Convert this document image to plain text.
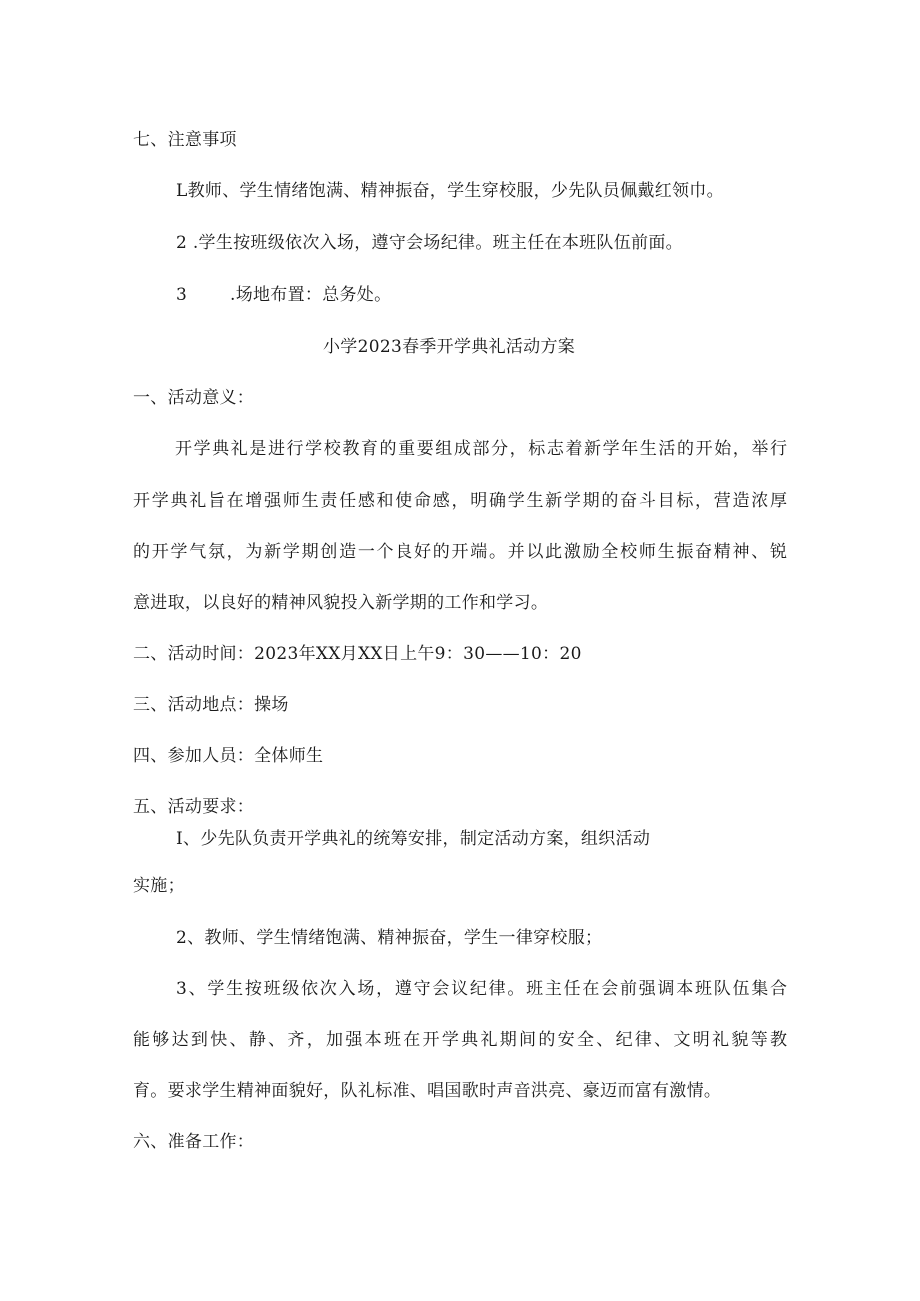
七、注意事项
L教师、学生情绪饱满、精神振奋，学生穿校服，少先队员佩戴红领巾。
2 .学生按班级依次入场，遵守会场纪律。班主任在本班队伍前面。
3	.场地布置：总务处。
小学2023春季开学典礼活动方案
一、活动意义：
开学典礼是进行学校教育的重要组成部分，标志着新学年生活的开始，举行
开学典礼旨在增强师生责任感和使命感，明确学生新学期的奋斗目标，营造浓厚
的开学气氛，为新学期创造一个良好的开端。并以此激励全校师生振奋精神、锐
意进取，以良好的精神风貌投入新学期的工作和学习。
二、活动时间：2023年XX月XX日上午9：30——10：20
三、活动地点：操场
四、参加人员：全体师生
五、活动要求：
I、少先队负责开学典礼的统筹安排，制定活动方案，组织活动
实施；
2、教师、学生情绪饱满、精神振奋，学生一律穿校服；
3、学生按班级依次入场，遵守会议纪律。班主任在会前强调本班队伍集合
能够达到快、静、齐，加强本班在开学典礼期间的安全、纪律、文明礼貌等教
育。要求学生精神面貌好，队礼标准、唱国歌时声音洪亮、豪迈而富有激情。
六、准备工作：
